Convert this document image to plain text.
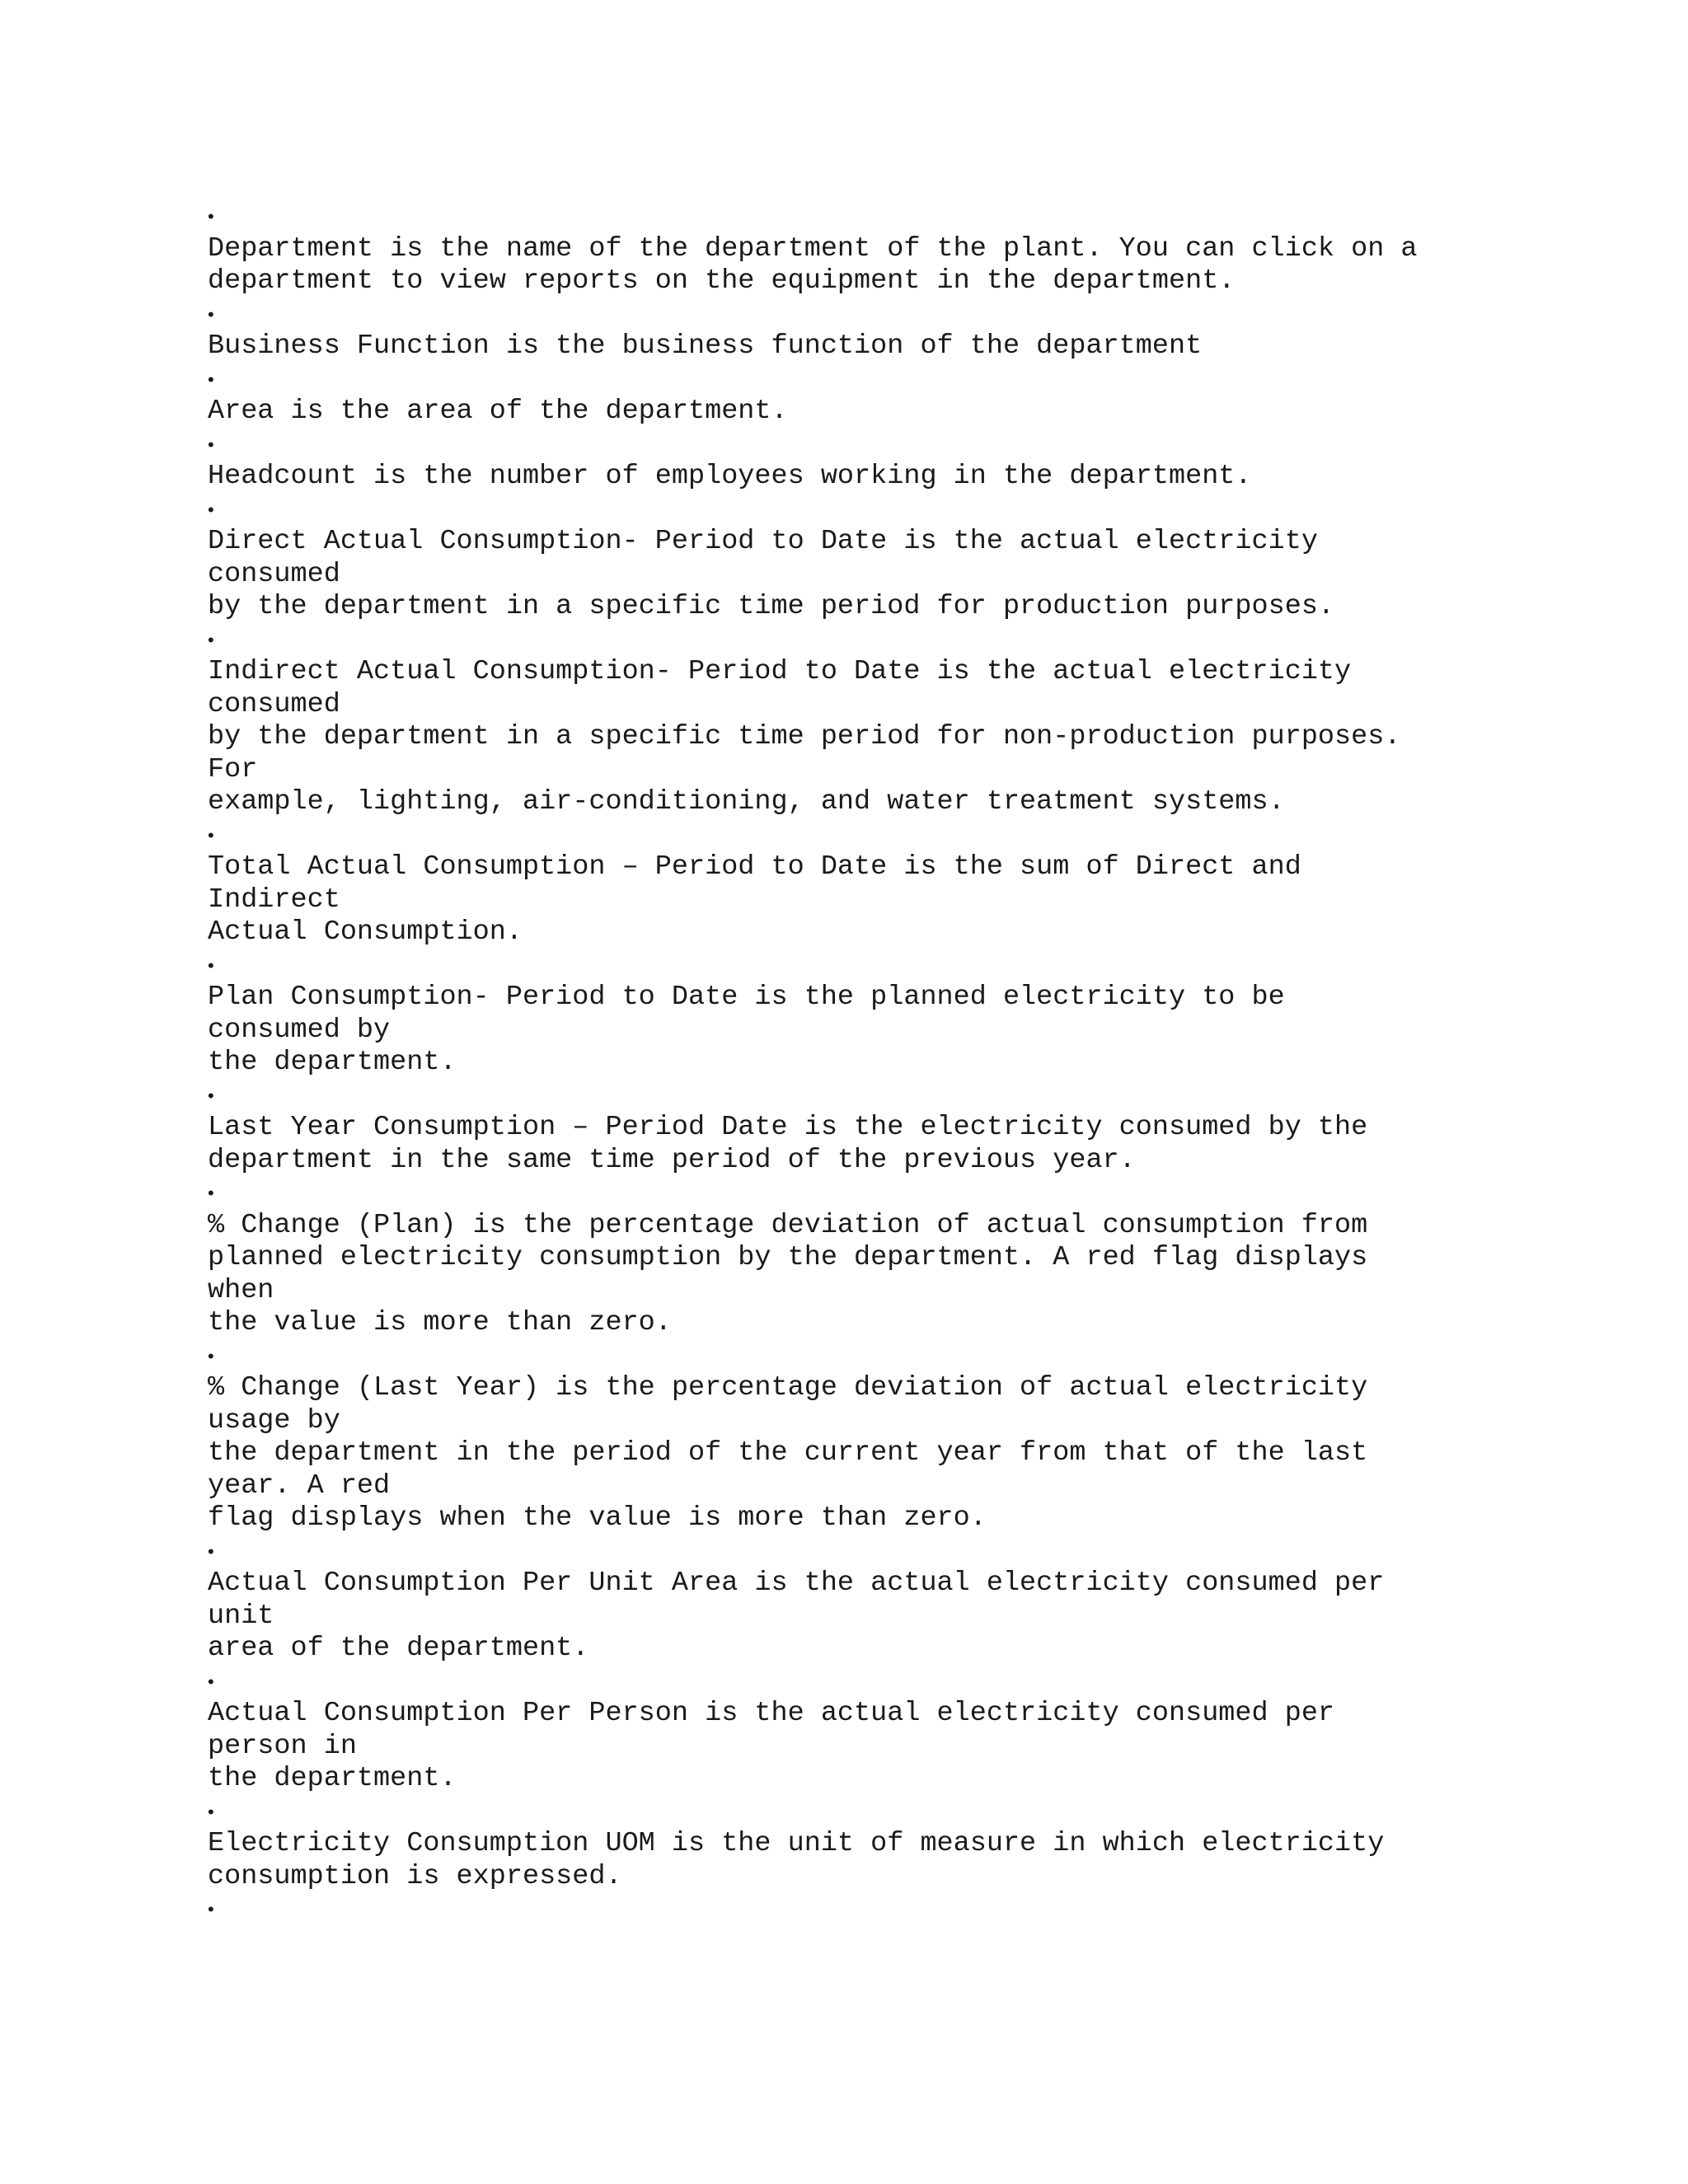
•
Department is the name of the department of the plant. You can click on a
department to view reports on the equipment in the department.
•
Business Function is the business function of the department
•
Area is the area of the department.
•
Headcount is the number of employees working in the department.
•
Direct Actual Consumption- Period to Date is the actual electricity
consumed
by the department in a specific time period for production purposes.
•
Indirect Actual Consumption- Period to Date is the actual electricity
consumed
by the department in a specific time period for non-production purposes.
For
example, lighting, air-conditioning, and water treatment systems.
•
Total Actual Consumption – Period to Date is the sum of Direct and
Indirect
Actual Consumption.
•
Plan Consumption- Period to Date is the planned electricity to be
consumed by
the department.
•
Last Year Consumption – Period Date is the electricity consumed by the
department in the same time period of the previous year.
•
% Change (Plan) is the percentage deviation of actual consumption from
planned electricity consumption by the department. A red flag displays
when
the value is more than zero.
•
% Change (Last Year) is the percentage deviation of actual electricity
usage by
the department in the period of the current year from that of the last
year. A red
flag displays when the value is more than zero.
•
Actual Consumption Per Unit Area is the actual electricity consumed per
unit
area of the department.
•
Actual Consumption Per Person is the actual electricity consumed per
person in
the department.
•
Electricity Consumption UOM is the unit of measure in which electricity
consumption is expressed.
•
